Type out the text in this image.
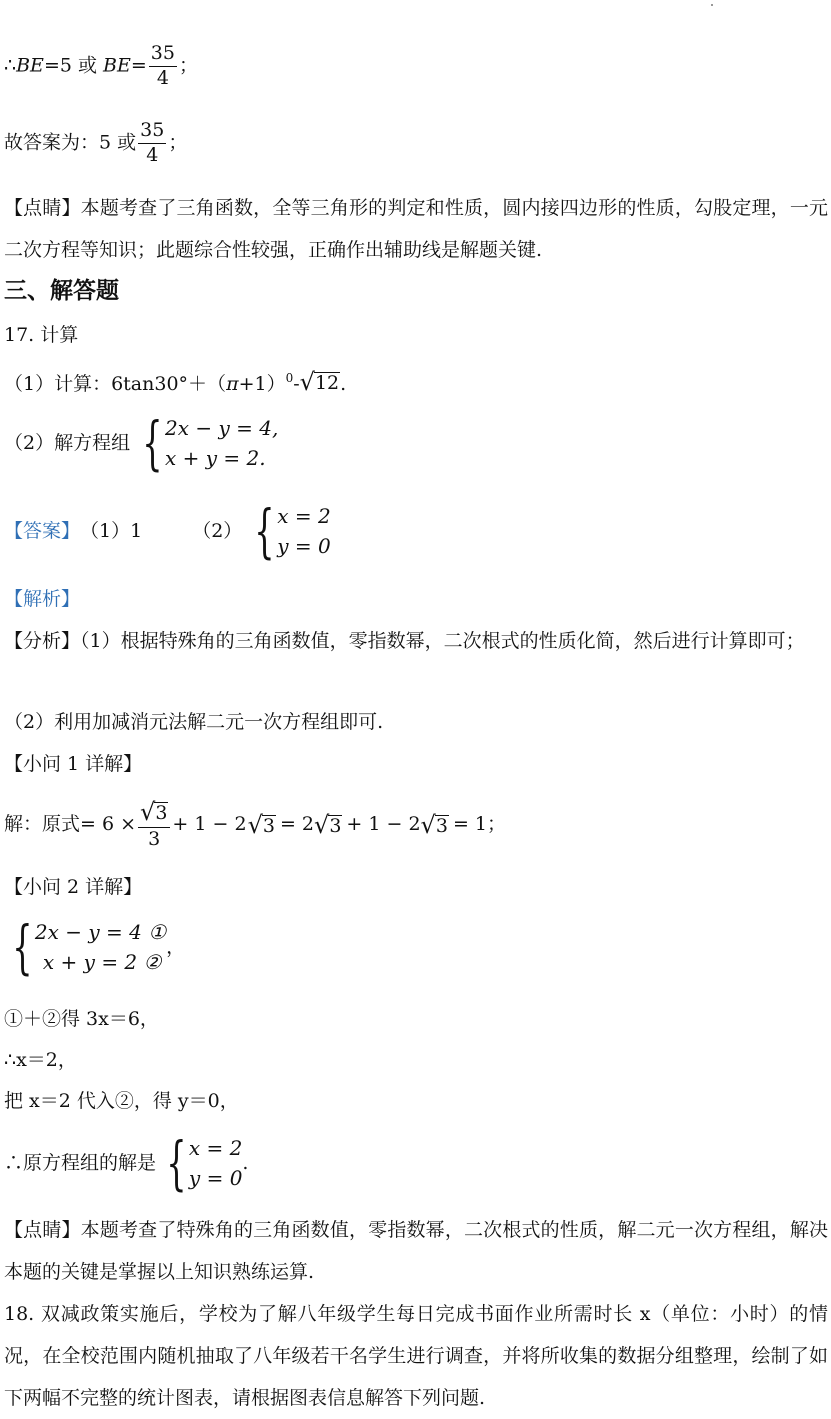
∴BE=5 或 $BE= \frac{35}{4}$ ；
故答案为：5 或 $\frac{35}{4}$ ；
【点睛】本题考查了三角函数，全等三角形的判定和性质，圆内接四边形的性质，勾股定理，一元二次方程等知识；此题综合性较强，正确作出辅助线是解题关键.
三、解答题
17. 计算
（1）计算：$6\tan 30^\circ+(\pi+1)^0-$ √ 12 .
（2）解方程组 { 2x − y = 4,
x + y = 2.
【答案】 （1）1	（2） { x = 2
y = 0
【解析】
【分析】（1）根据特殊角的三角函数值，零指数幂，二次根式的性质化简，然后进行计算即可；
（2）利用加减消元法解二元一次方程组即可.
【小问 1 详解】
解：原式 = $6 \times \frac{√ 3}{3} + 1 - 2$ √ 3 = 2 √ 3 + 1 − 2 √ 3 = 1；
【小问 2 详解】
{ 2x − y = 4 ①
x + y = 2 ②
，
①＋②得 3x＝6，
∴x＝2，
把 x＝2 代入②，得 y＝0，
∴原方程组的解是 { x = 2
y = 0
.
【点睛】本题考查了特殊角的三角函数值，零指数幂，二次根式的性质，解二元一次方程组，解决本题的关键是掌握以上知识熟练运算.
18. 双减政策实施后，学校为了解八年级学生每日完成书面作业所需时长 x（单位：小时）的情况，在全校范围内随机抽取了八年级若干名学生进行调查，并将所收集的数据分组整理，绘制了如下两幅不完整的统计图表，请根据图表信息解答下列问题.
